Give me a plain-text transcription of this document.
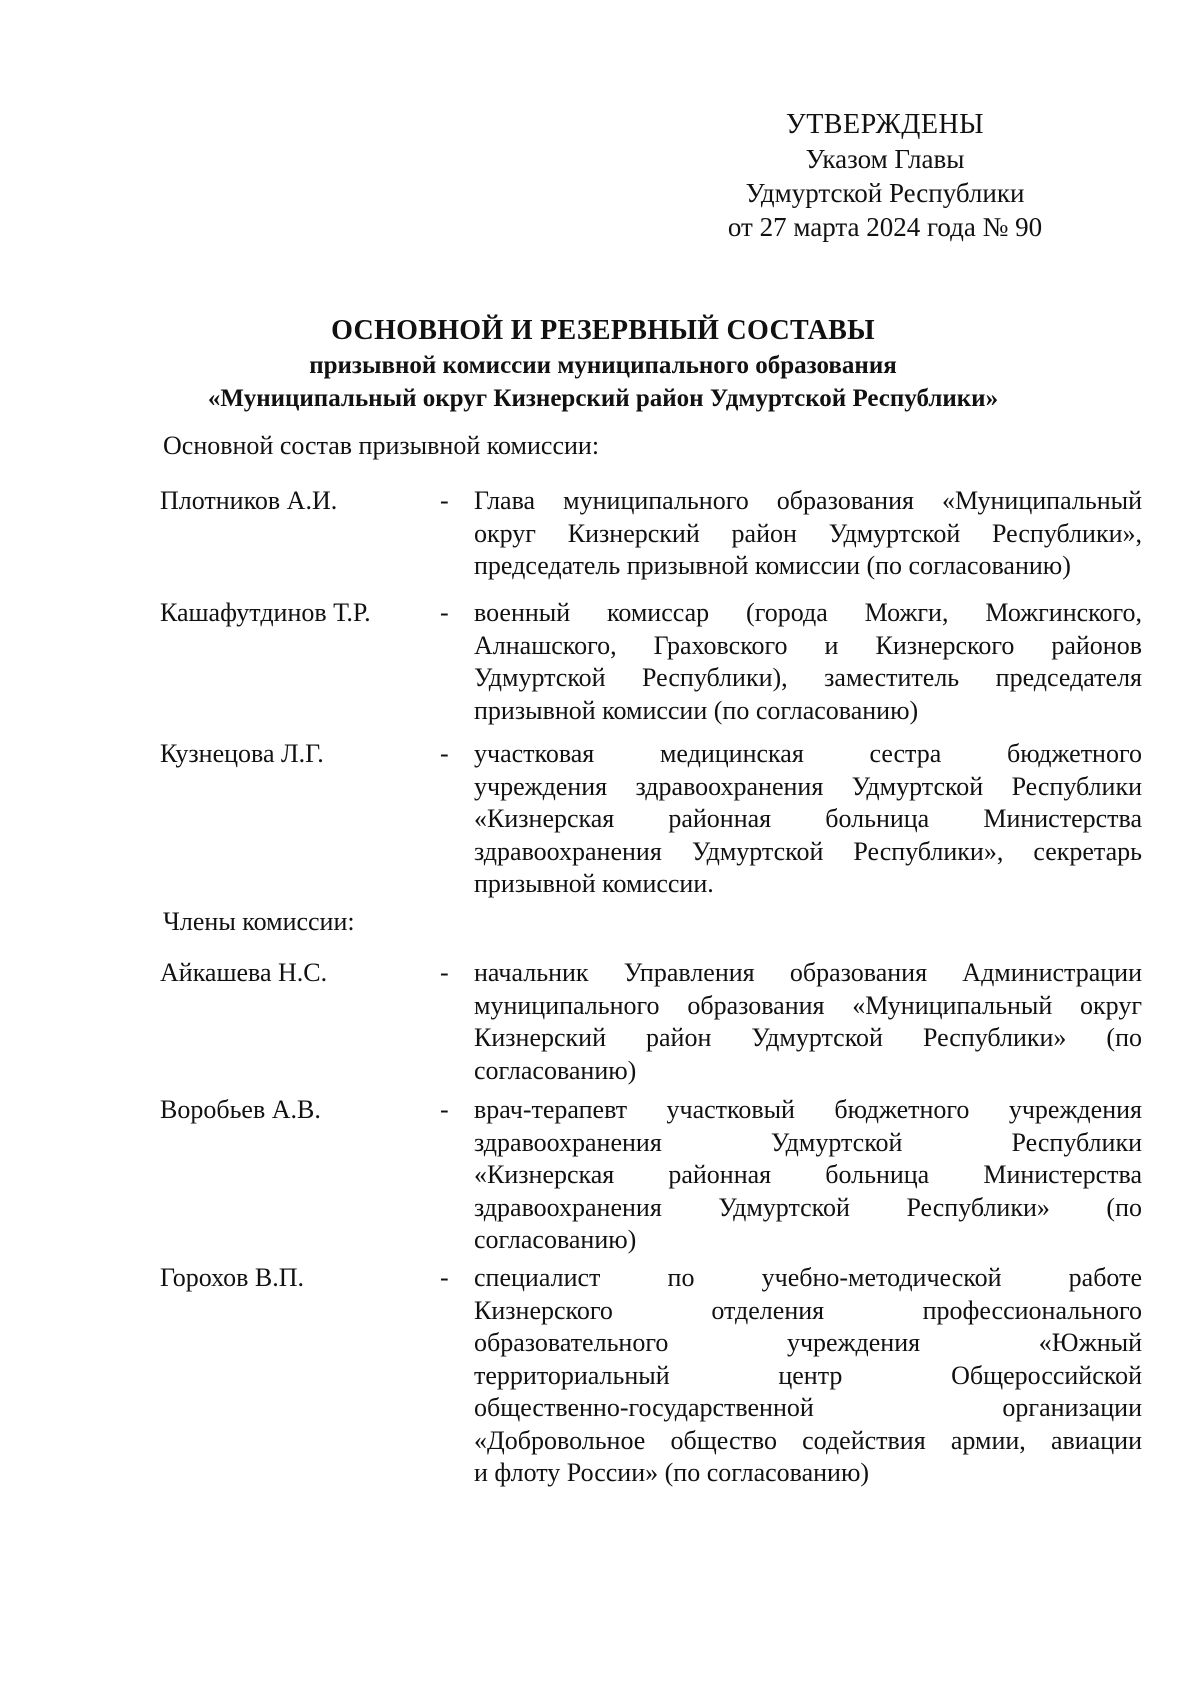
УТВЕРЖДЕНЫ
Указом Главы
Удмуртской Республики
от 27 марта 2024 года № 90
ОСНОВНОЙ И РЕЗЕРВНЫЙ СОСТАВЫ
призывной комиссии муниципального образования
«Муниципальный округ Кизнерский район Удмуртской Республики»
Основной состав призывной комиссии:
Плотников А.И.	- Глава муниципального образования «Муниципальный
округ Кизнерский район Удмуртской Республики»,
председатель призывной комиссии (по согласованию)
Кашафутдинов Т.Р.	- военный комиссар (города Можги, Можгинского,
Алнашского, Граховского и Кизнерского районов
Удмуртской Республики), заместитель председателя
призывной комиссии (по согласованию)
Кузнецова Л.Г.	- участковая медицинская сестра бюджетного
учреждения здравоохранения Удмуртской Республики
«Кизнерская районная больница Министерства
здравоохранения Удмуртской Республики», секретарь
призывной комиссии.
Члены комиссии:
Айкашева Н.С.	- начальник Управления образования Администрации
муниципального образования «Муниципальный округ
Кизнерский район Удмуртской Республики» (по
согласованию)
Воробьев А.В.	- врач-терапевт участковый бюджетного учреждения
здравоохранения Удмуртской Республики
«Кизнерская районная больница Министерства
здравоохранения Удмуртской Республики» (по
согласованию)
Горохов В.П.	- специалист по учебно-методической работе
Кизнерского отделения профессионального
образовательного учреждения «Южный
территориальный центр Общероссийской
общественно-государственной организации
«Добровольное общество содействия армии, авиации
и флоту России» (по согласованию)
